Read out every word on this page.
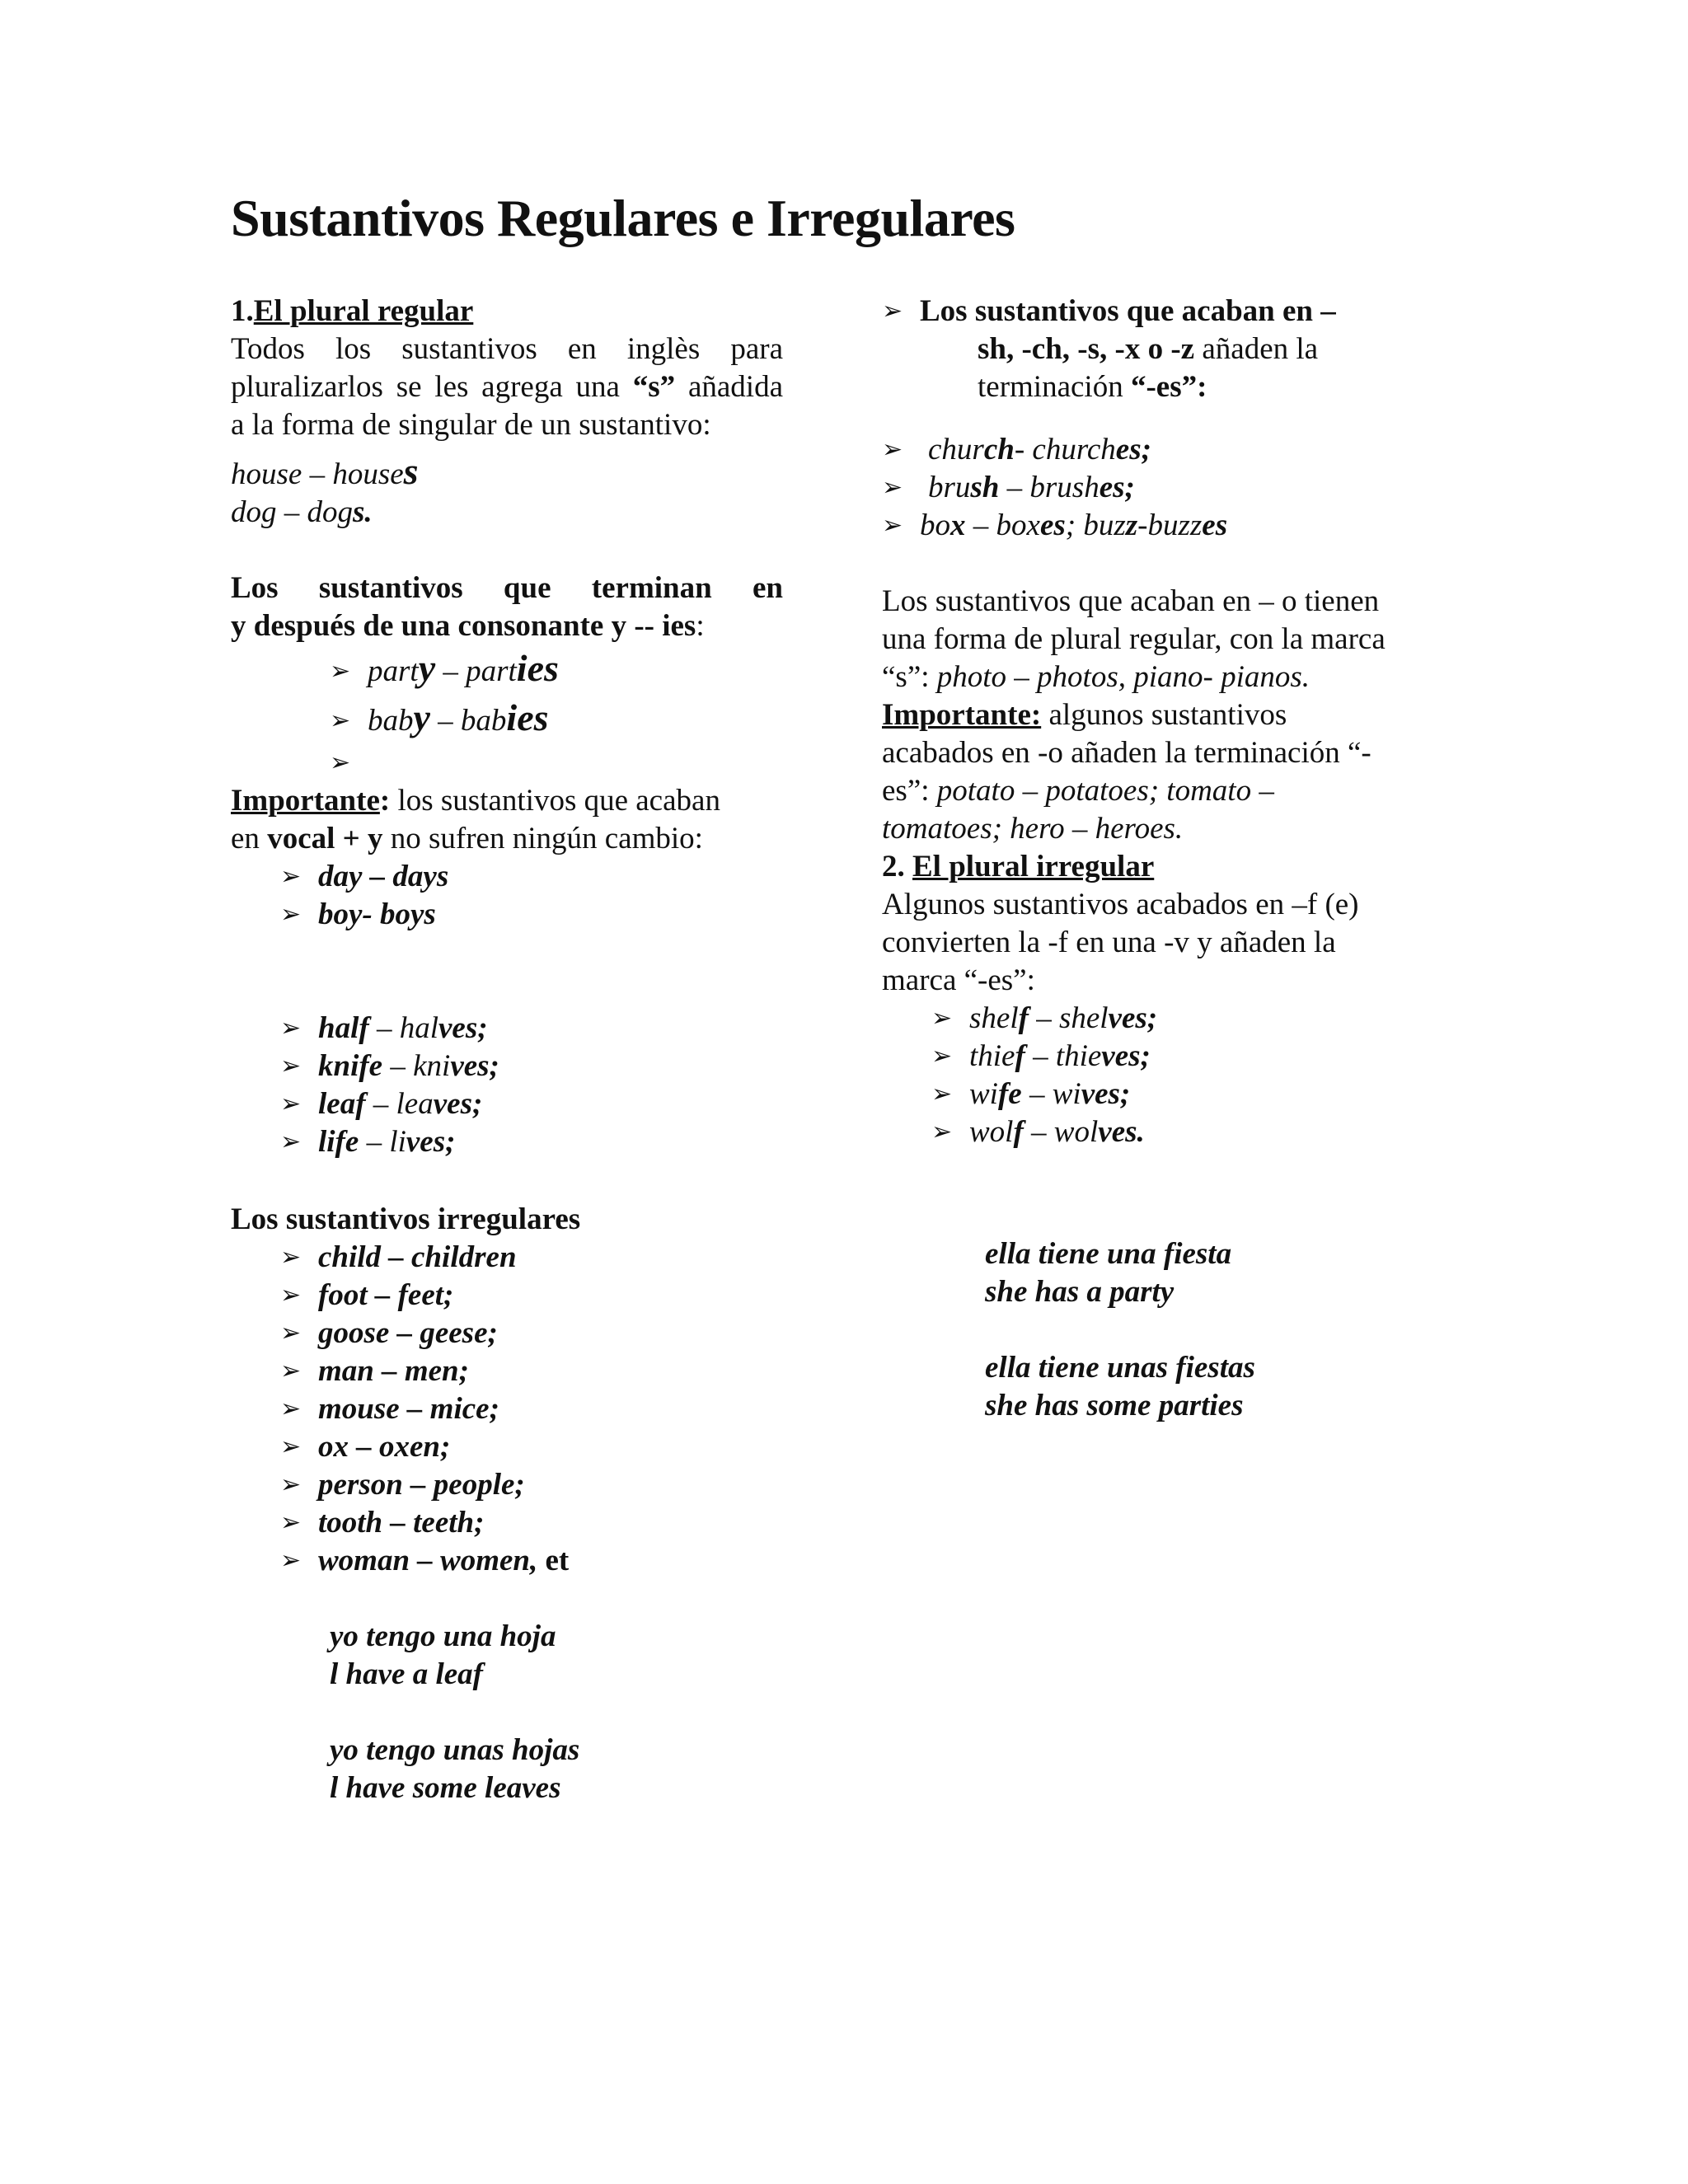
Sustantivos Regulares e Irregulares
1.El plural regular
Todos los sustantivos en inglès para
pluralizarlos se les agrega una “s” añadida
a la forma de singular de un sustantivo:
house – houses
dog – dogs.
Los sustantivos que terminan en
y después de una consonante y -- ies:
➢ party – parties
➢ baby – babies
➢
Importante: los sustantivos que acaban
en vocal + y no sufren ningún cambio:
➢ day – days
➢ boy- boys
➢ half – halves;
➢ knife – knives;
➢ leaf – leaves;
➢ life – lives;
Los sustantivos irregulares
➢ child – children
➢ foot – feet;
➢ goose – geese;
➢ man – men;
➢ mouse – mice;
➢ ox – oxen;
➢ person – people;
➢ tooth – teeth;
➢ woman – women, et
yo tengo una hoja
l have a leaf
yo tengo unas hojas
l have some leaves
➢ Los sustantivos que acaban en –
sh, -ch, -s, -x o -z añaden la
terminación “-es”:
➢ church- churches;
➢ brush – brushes;
➢ box – boxes; buzz-buzzes
Los sustantivos que acaban en – o tienen
una forma de plural regular, con la marca
“s”: photo – photos, piano- pianos.
Importante: algunos sustantivos
acabados en -o añaden la terminación “-
es”: potato – potatoes; tomato –
tomatoes; hero – heroes.
2. El plural irregular
Algunos sustantivos acabados en –f (e)
convierten la -f en una -v y añaden la
marca “-es”:
➢ shelf – shelves;
➢ thief – thieves;
➢ wife – wives;
➢ wolf – wolves.
ella tiene una fiesta
she has a party
ella tiene unas fiestas
she has some parties
